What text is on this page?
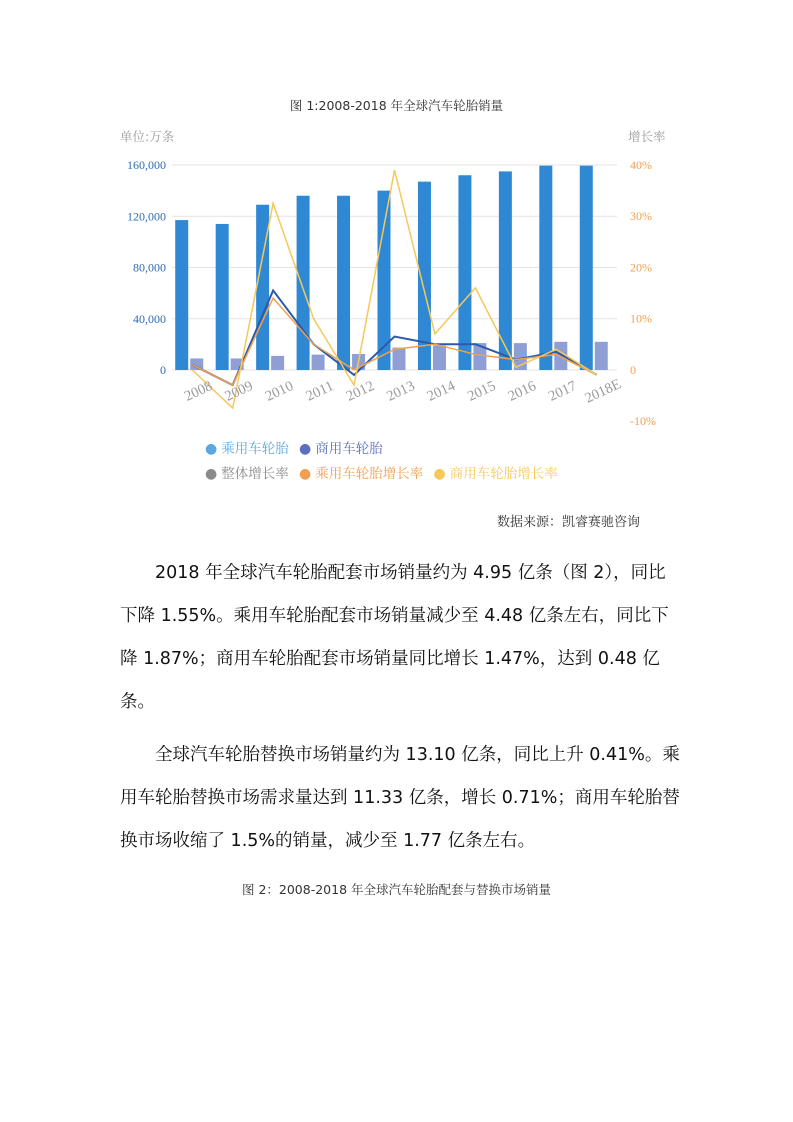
图 1:2008-2018 年全球汽车轮胎销量
单位:万条	增长率
0
40,000
80,000
120,000
160,000
-10%
0
10%
20%
30%
40%
2008 2009 2010 2011 2012 2013 2014 2015 2016 2017 2018E
● 乘用车轮胎 ● 商用车轮胎
● 整体增长率 ● 乘用车轮胎增长率 ● 商用车轮胎增长率
数据来源：凯睿赛驰咨询
2018 年全球汽车轮胎配套市场销量约为 4.95 亿条（图 2），同比下降 1.55%。乘用车轮胎配套市场销量减少至 4.48 亿条左右，同比下降 1.87%；商用车轮胎配套市场销量同比增长 1.47%，达到 0.48 亿条。
全球汽车轮胎替换市场销量约为 13.10 亿条，同比上升 0.41%。乘用车轮胎替换市场需求量达到 11.33 亿条，增长 0.71%；商用车轮胎替换市场收缩了 1.5%的销量，减少至 1.77 亿条左右。
图 2：2008-2018 年全球汽车轮胎配套与替换市场销量
